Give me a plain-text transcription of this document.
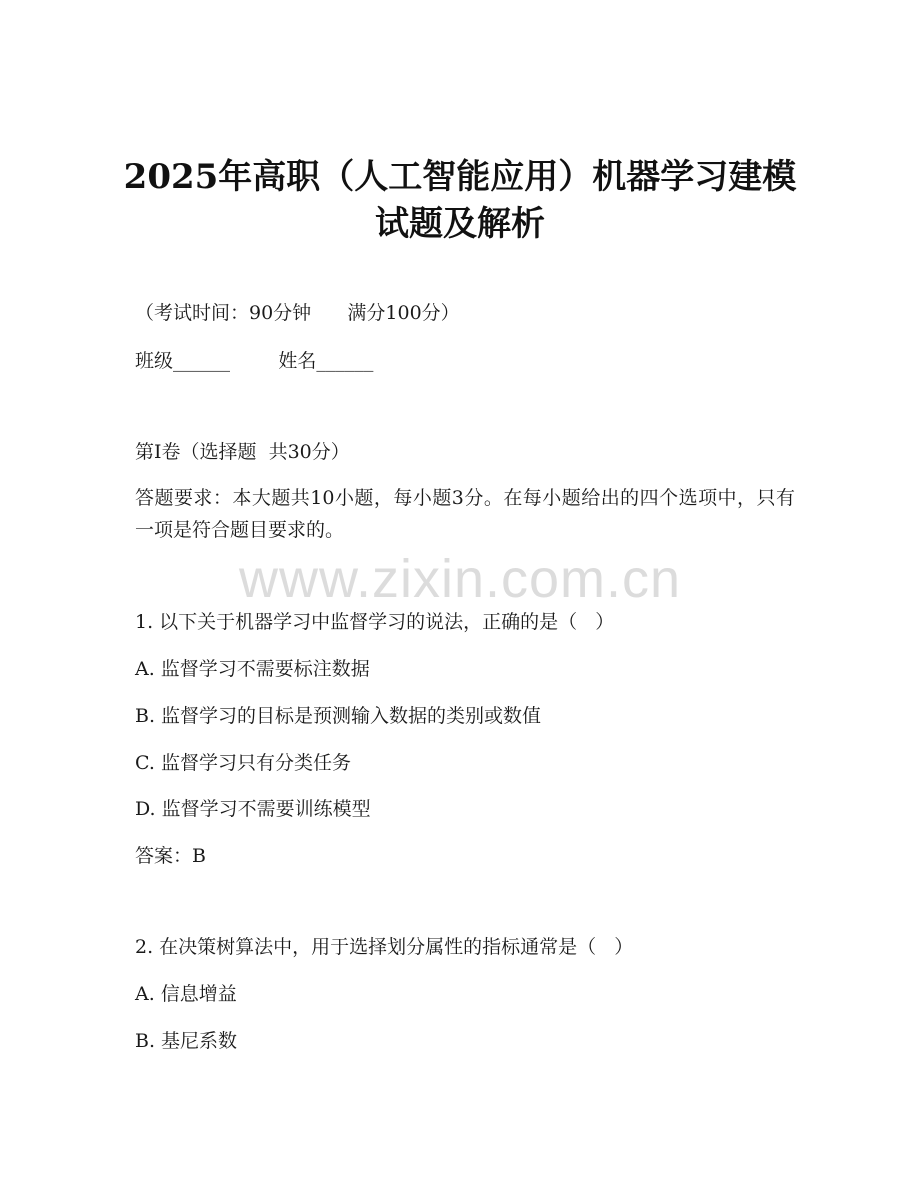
2025年高职（人工智能应用）机器学习建模
试题及解析

（考试时间：90分钟      满分100分）

班级______        姓名______

第I卷（选择题  共30分）

答题要求：本大题共10小题，每小题3分。在每小题给出的四个选项中，只有一项是符合题目要求的。

www.zixin.com.cn

1. 以下关于机器学习中监督学习的说法，正确的是（   ）

A. 监督学习不需要标注数据

B. 监督学习的目标是预测输入数据的类别或数值

C. 监督学习只有分类任务

D. 监督学习不需要训练模型

答案：B

2. 在决策树算法中，用于选择划分属性的指标通常是（   ）

A. 信息增益

B. 基尼系数
